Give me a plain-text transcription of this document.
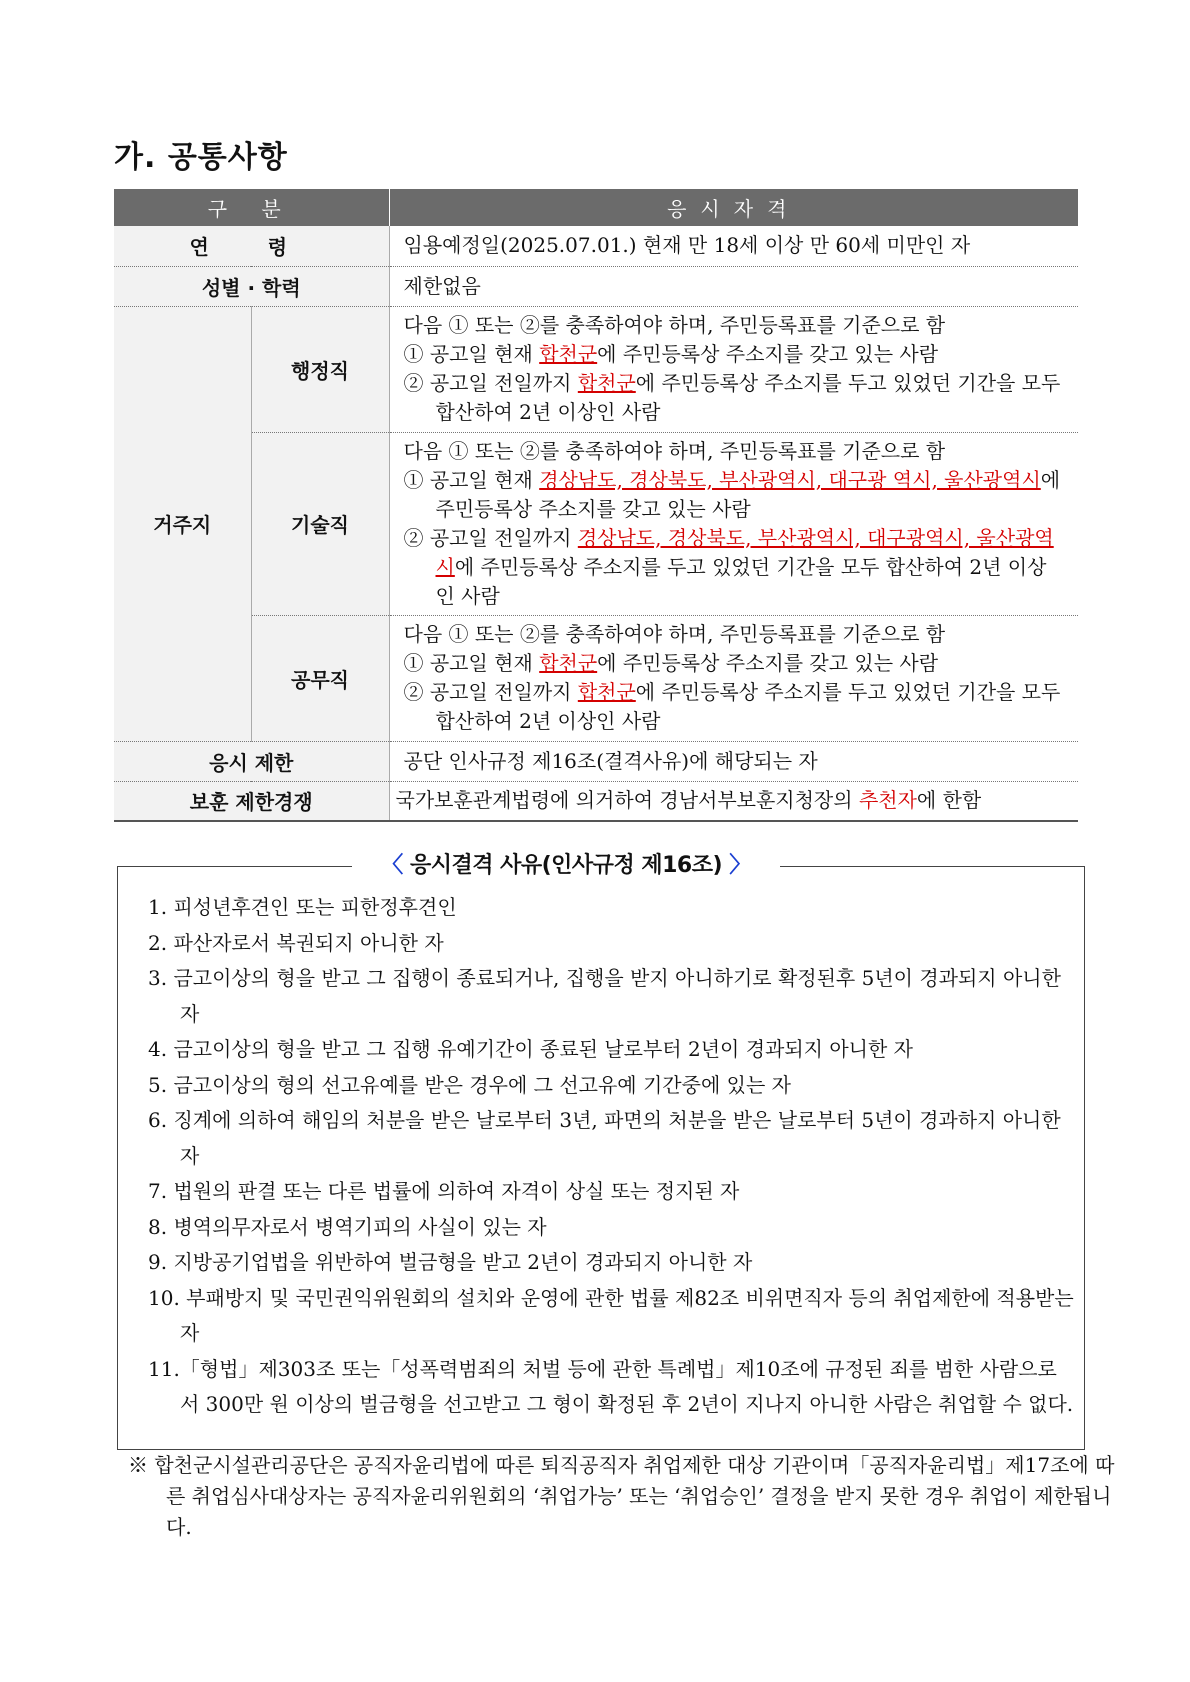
가. 공통사항
구 분		응시자격
연 령		임용예정일(2025.07.01.) 현재 만 18세 이상 만 60세 미만인 자
성별 · 학력		제한없음
거주지	행정직	다음 ① 또는 ②를 충족하여야 하며, 주민등록표를 기준으로 함
① 공고일 현재 합천군에 주민등록상 주소지를 갖고 있는 사람
② 공고일 전일까지 합천군에 주민등록상 주소지를 두고 있었던 기간을 모두 합산하여 2년 이상인 사람

	기술직	다음 ① 또는 ②를 충족하여야 하며, 주민등록표를 기준으로 함
① 공고일 현재 경상남도, 경상북도, 부산광역시, 대구광 역시, 울산광역시에 주민등록상 주소지를 갖고 있는 사람
② 공고일 전일까지 경상남도, 경상북도, 부산광역시, 대구광역시, 울산광역시에 주민등록상 주소지를 두고 있었던 기간을 모두 합산하여 2년 이상인 사람

	공무직	다음 ① 또는 ②를 충족하여야 하며, 주민등록표를 기준으로 함
① 공고일 현재 합천군에 주민등록상 주소지를 갖고 있는 사람
② 공고일 전일까지 합천군에 주민등록상 주소지를 두고 있었던 기간을 모두 합산하여 2년 이상인 사람

응시 제한		공단 인사규정 제16조(결격사유)에 해당되는 자
보훈 제한경쟁		국가보훈관계법령에 의거하여 경남서부보훈지청장의 추천자에 한함
〈 응시결격 사유(인사규정 제16조) 〉
1. 피성년후견인 또는 피한정후견인
2. 파산자로서 복권되지 아니한 자
3. 금고이상의 형을 받고 그 집행이 종료되거나, 집행을 받지 아니하기로 확정된후 5년이 경과되지 아니한 자
4. 금고이상의 형을 받고 그 집행 유예기간이 종료된 날로부터 2년이 경과되지 아니한 자
5. 금고이상의 형의 선고유예를 받은 경우에 그 선고유예 기간중에 있는 자
6. 징계에 의하여 해임의 처분을 받은 날로부터 3년, 파면의 처분을 받은 날로부터 5년이 경과하지 아니한 자
7. 법원의 판결 또는 다른 법률에 의하여 자격이 상실 또는 정지된 자
8. 병역의무자로서 병역기피의 사실이 있는 자
9. 지방공기업법을 위반하여 벌금형을 받고 2년이 경과되지 아니한 자
10. 부패방지 및 국민권익위원회의 설치와 운영에 관한 법률 제82조 비위면직자 등의 취업제한에 적용받는 자
11.「형법」제303조 또는「성폭력범죄의 처벌 등에 관한 특례법」제10조에 규정된 죄를 범한 사람으로서 300만 원 이상의 벌금형을 선고받고 그 형이 확정된 후 2년이 지나지 아니한 사람은 취업할 수 없다.
※ 합천군시설관리공단은 공직자윤리법에 따른 퇴직공직자 취업제한 대상 기관이며「공직자윤리법」제17조에 따른 취업심사대상자는 공직자윤리위원회의 ‘취업가능’ 또는 ‘취업승인’ 결정을 받지 못한 경우 취업이 제한됩니다.
